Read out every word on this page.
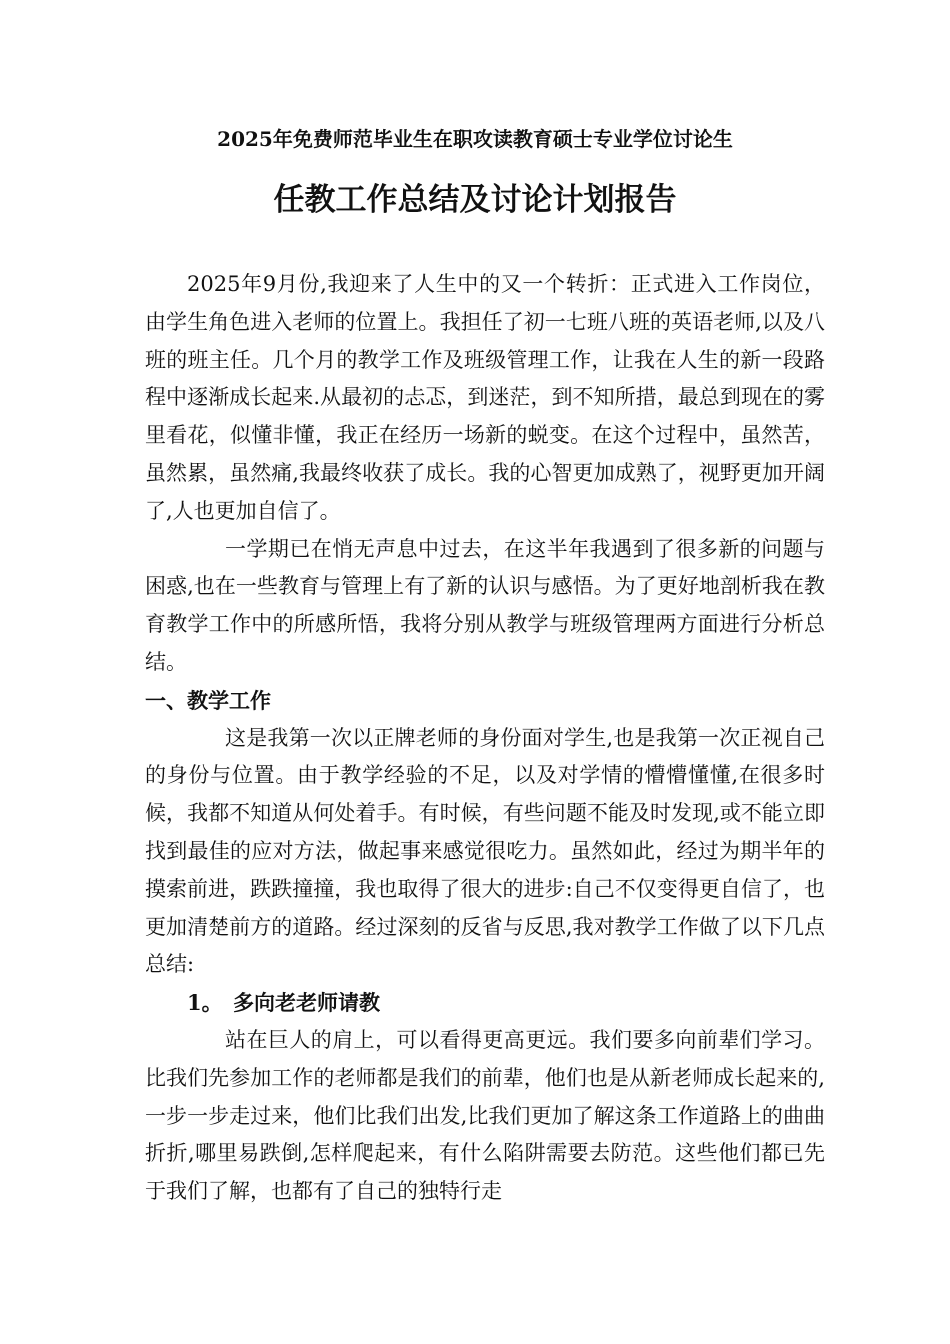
2025年免费师范毕业生在职攻读教育硕士专业学位讨论生
任教工作总结及讨论计划报告

2025年9月份,我迎来了人生中的又一个转折：正式进入工作岗位，由学生角色进入老师的位置上。我担任了初一七班八班的英语老师,以及八班的班主任。几个月的教学工作及班级管理工作，让我在人生的新一段路程中逐渐成长起来.从最初的忐忑，到迷茫，到不知所措，最总到现在的雾里看花，似懂非懂，我正在经历一场新的蜕变。在这个过程中，虽然苦，虽然累，虽然痛,我最终收获了成长。我的心智更加成熟了，视野更加开阔了,人也更加自信了。

一学期已在悄无声息中过去，在这半年我遇到了很多新的问题与困惑,也在一些教育与管理上有了新的认识与感悟。为了更好地剖析我在教育教学工作中的所感所悟，我将分别从教学与班级管理两方面进行分析总结。

一、教学工作

这是我第一次以正牌老师的身份面对学生,也是我第一次正视自己的身份与位置。由于教学经验的不足，以及对学情的懵懵懂懂,在很多时候，我都不知道从何处着手。有时候，有些问题不能及时发现,或不能立即找到最佳的应对方法，做起事来感觉很吃力。虽然如此，经过为期半年的摸索前进，跌跌撞撞，我也取得了很大的进步:自己不仅变得更自信了，也更加清楚前方的道路。经过深刻的反省与反思,我对教学工作做了以下几点总结:

1。 多向老老师请教

站在巨人的肩上，可以看得更高更远。我们要多向前辈们学习。比我们先参加工作的老师都是我们的前辈，他们也是从新老师成长起来的,一步一步走过来，他们比我们出发,比我们更加了解这条工作道路上的曲曲折折,哪里易跌倒,怎样爬起来，有什么陷阱需要去防范。这些他们都已先于我们了解，也都有了自己的独特行走
